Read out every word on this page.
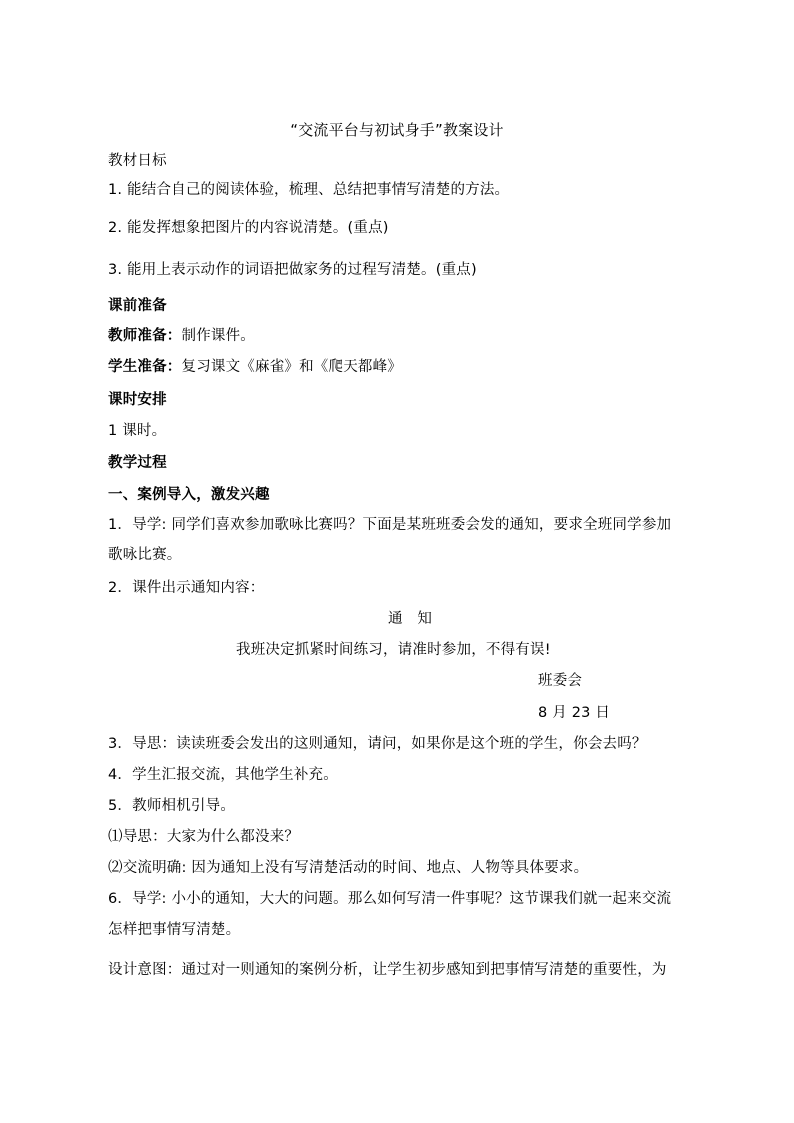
“交流平台与初试身手”教案设计
教材日标
1. 能结合自己的阅读体验，梳理、总结把事情写清楚的方法。
2. 能发挥想象把图片的内容说清楚。(重点)
3. 能用上表示动作的词语把做家务的过程写清楚。(重点)
课前准备
教师准备：制作课件。
学生准备：复习课文《麻雀》和《爬天都峰》
课时安排
1 课时。
教学过程
一、案例导入，激发兴趣
1．导学: 同学们喜欢参加歌咏比赛吗？下面是某班班委会发的通知，要求全班同学参加
歌咏比赛。
2．课件出示通知内容：
通　知
我班决定抓紧时间练习，请准时参加，不得有误!
班委会
8 月 23 日
3．导思：读读班委会发出的这则通知，请问，如果你是这个班的学生，你会去吗？
4．学生汇报交流，其他学生补充。
5．教师相机引导。
⑴导思：大家为什么都没来？
⑵交流明确: 因为通知上没有写清楚活动的时间、地点、人物等具体要求。
6．导学: 小小的通知，大大的问题。那么如何写清一件事呢？这节课我们就一起来交流
怎样把事情写清楚。
设计意图：通过对一则通知的案例分析，让学生初步感知到把事情写清楚的重要性，为
